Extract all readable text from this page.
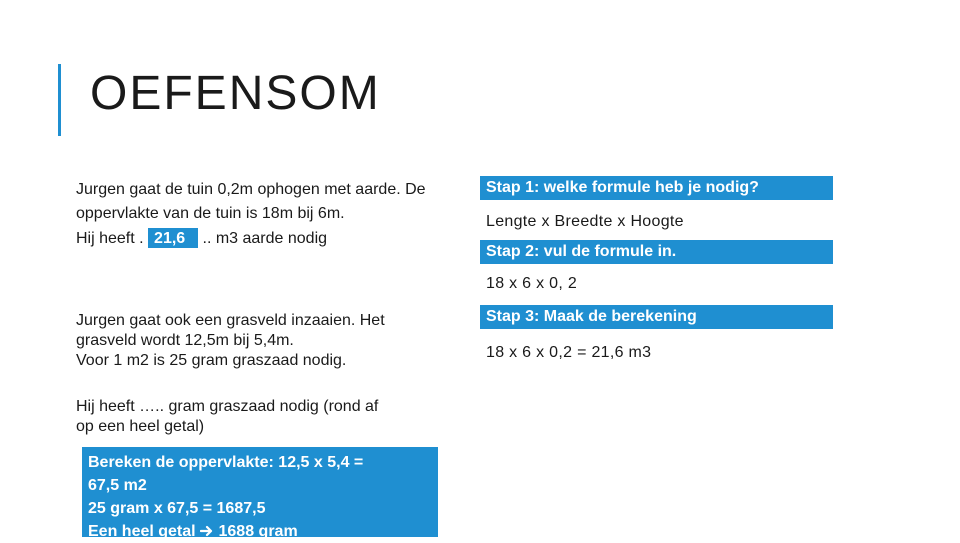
OEFENSOM
Jurgen gaat de tuin 0,2m ophogen met aarde. De
oppervlakte van de tuin is 18m bij 6m.
Hij heeft . 21,6 .. m3 aarde nodig
Stap 1: welke formule heb je nodig?
Lengte x Breedte x Hoogte
Stap 2: vul de formule in.
18 x 6 x 0, 2
Stap 3: Maak de berekening
18 x 6 x 0,2 = 21,6 m3
Jurgen gaat ook een grasveld inzaaien. Het
grasveld wordt 12,5m bij 5,4m.
Voor 1 m2 is 25 gram graszaad nodig.
Hij heeft ….. gram graszaad nodig (rond af
op een heel getal)
Bereken de oppervlakte: 12,5 x 5,4 =
67,5 m2
25 gram x 67,5 = 1687,5
Een heel getal 1688 gram
